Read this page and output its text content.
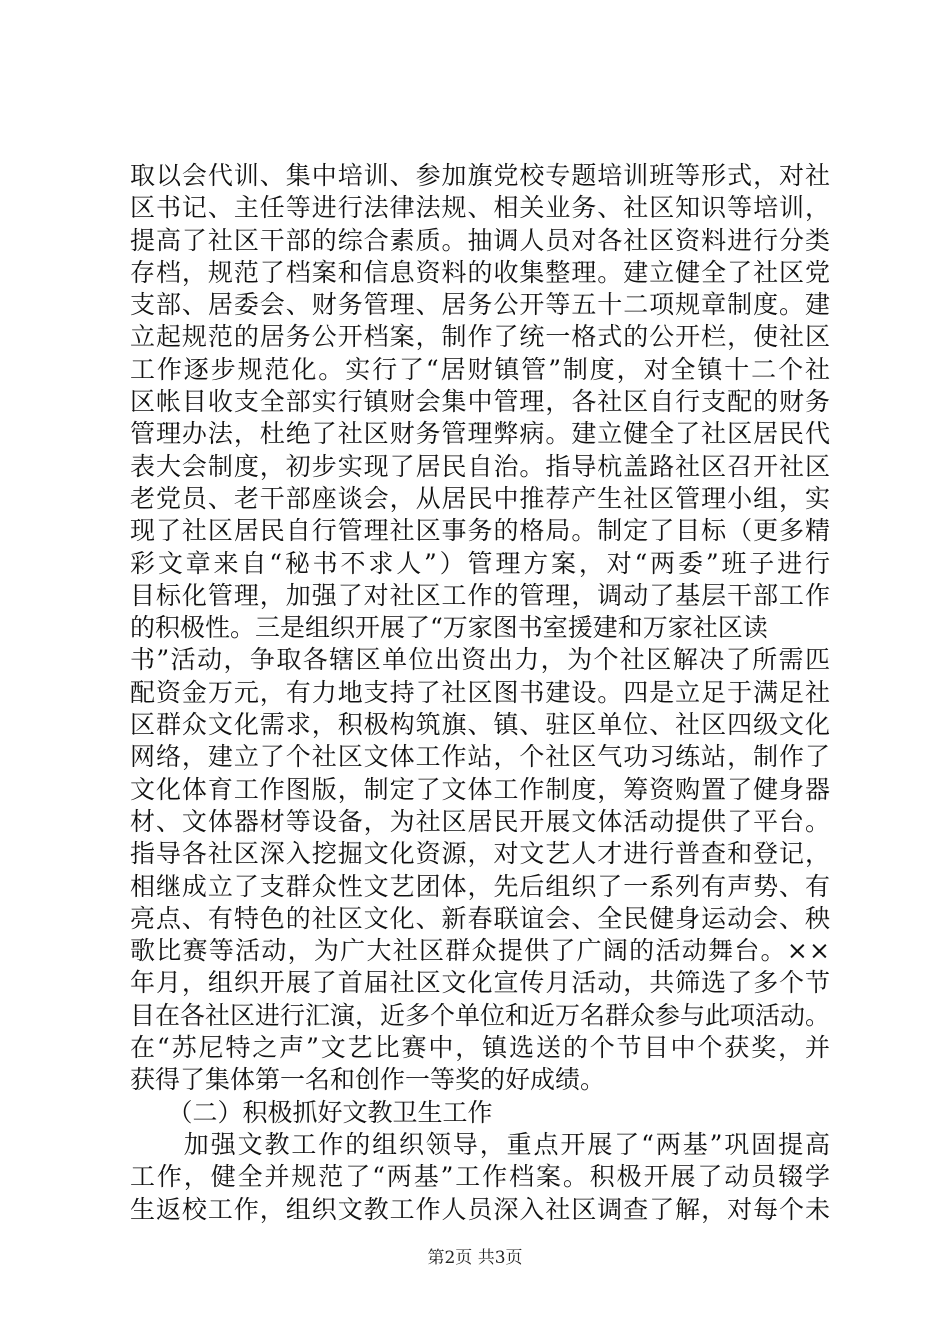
取以会代训、集中培训、参加旗党校专题培训班等形式，对社
区书记、主任等进行法律法规、相关业务、社区知识等培训，
提高了社区干部的综合素质。抽调人员对各社区资料进行分类
存档，规范了档案和信息资料的收集整理。建立健全了社区党
支部、居委会、财务管理、居务公开等五十二项规章制度。建
立起规范的居务公开档案，制作了统一格式的公开栏，使社区
工作逐步规范化。实行了“居财镇管”制度，对全镇十二个社
区帐目收支全部实行镇财会集中管理，各社区自行支配的财务
管理办法，杜绝了社区财务管理弊病。建立健全了社区居民代
表大会制度，初步实现了居民自治。指导杭盖路社区召开社区
老党员、老干部座谈会，从居民中推荐产生社区管理小组，实
现了社区居民自行管理社区事务的格局。制定了目标（更多精
彩文章来自“秘书不求人”）管理方案，对“两委”班子进行
目标化管理，加强了对社区工作的管理，调动了基层干部工作
的积极性。三是组织开展了“万家图书室援建和万家社区读
书”活动，争取各辖区单位出资出力，为个社区解决了所需匹
配资金万元，有力地支持了社区图书建设。四是立足于满足社
区群众文化需求，积极构筑旗、镇、驻区单位、社区四级文化
网络，建立了个社区文体工作站，个社区气功习练站，制作了
文化体育工作图版，制定了文体工作制度，筹资购置了健身器
材、文体器材等设备，为社区居民开展文体活动提供了平台。
指导各社区深入挖掘文化资源，对文艺人才进行普查和登记，
相继成立了支群众性文艺团体，先后组织了一系列有声势、有
亮点、有特色的社区文化、新春联谊会、全民健身运动会、秧
歌比赛等活动，为广大社区群众提供了广阔的活动舞台。××
年月，组织开展了首届社区文化宣传月活动，共筛选了多个节
目在各社区进行汇演，近多个单位和近万名群众参与此项活动。
在“苏尼特之声”文艺比赛中，镇选送的个节目中个获奖，并
获得了集体第一名和创作一等奖的好成绩。
　　（二）积极抓好文教卫生工作
　　加强文教工作的组织领导，重点开展了“两基”巩固提高
工作，健全并规范了“两基”工作档案。积极开展了动员辍学
生返校工作，组织文教工作人员深入社区调查了解，对每个未
第2页 共3页
